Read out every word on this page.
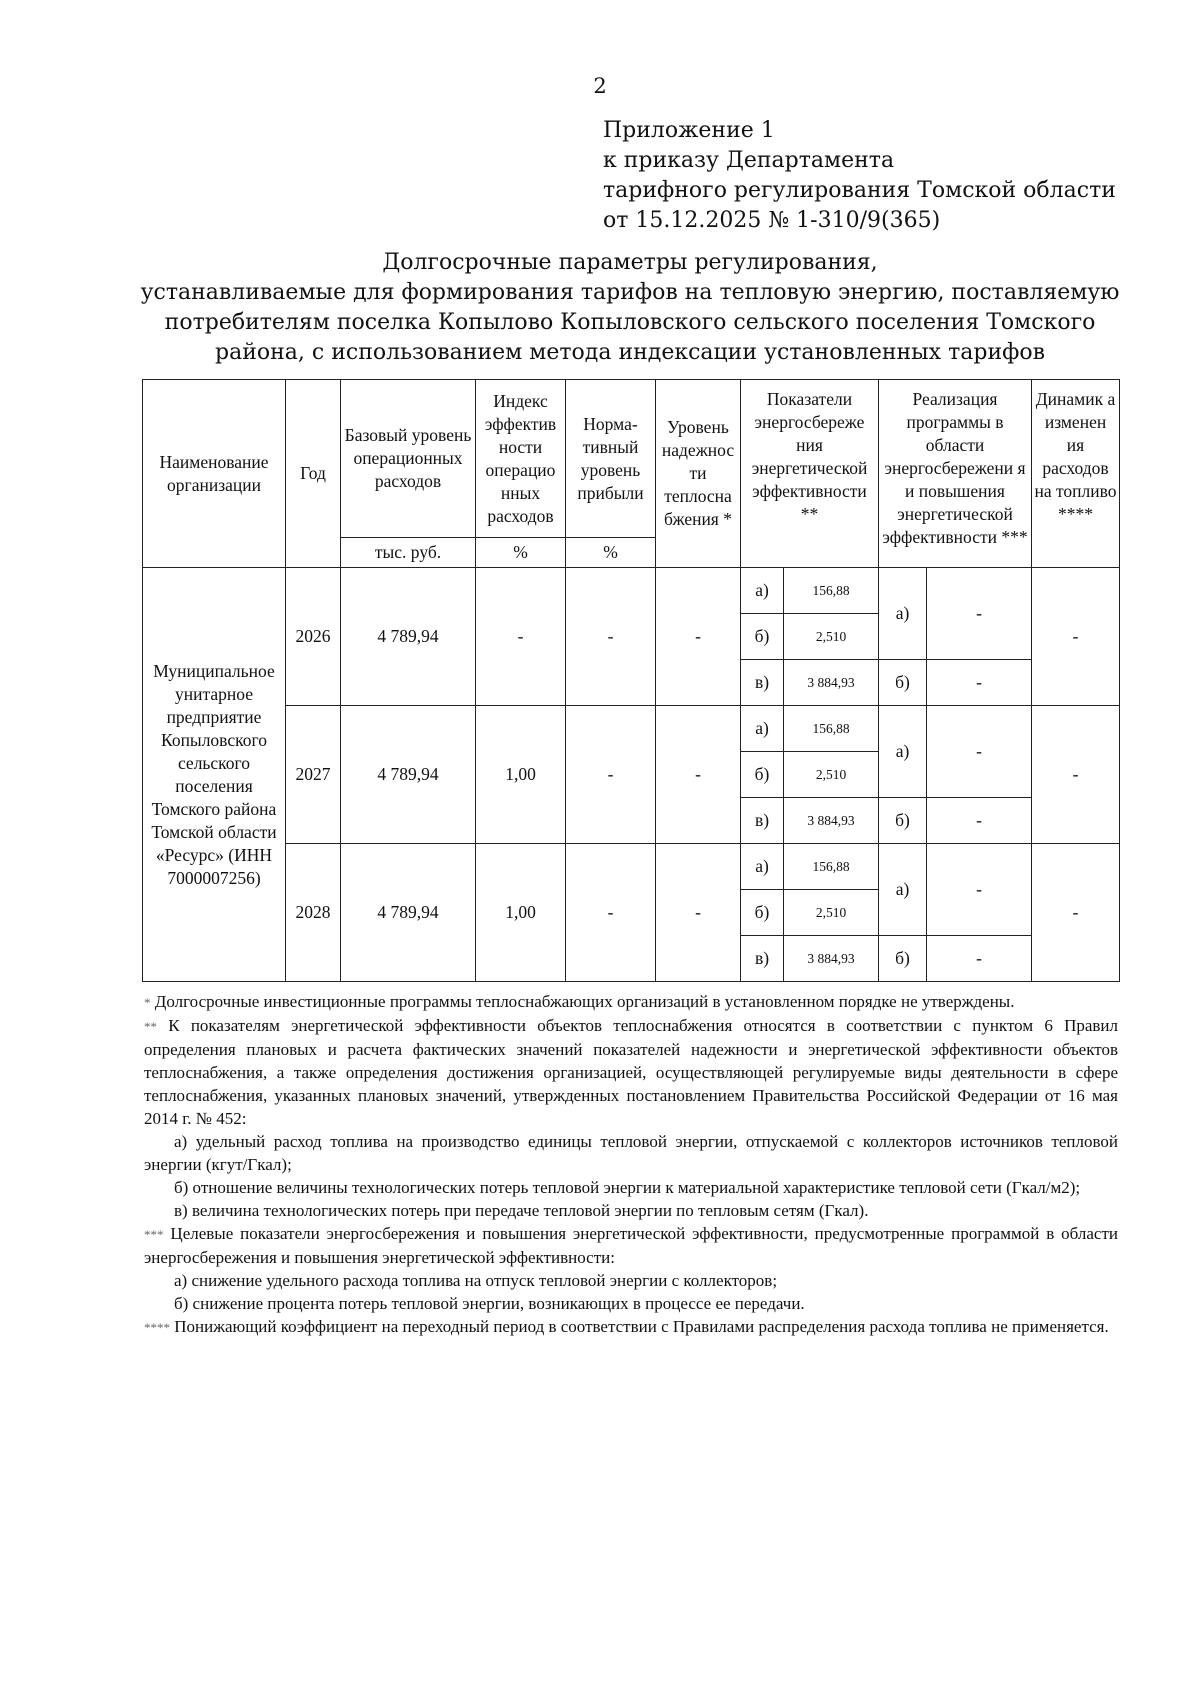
2
Приложение 1
к приказу Департамента
тарифного регулирования Томской области
от 15.12.2025 № 1-310/9(365)
Долгосрочные параметры регулирования,
устанавливаемые для формирования тарифов на тепловую энергию, поставляемую
потребителям поселка Копылово Копыловского сельского поселения Томского
района, с использованием метода индексации установленных тарифов
Наименование организации	Год	Базовый уровень операционных расходов	Индекс эффектив ности операцио нных расходов	Норма- тивный уровень прибыли	Уровень надежнос ти теплосна бжения *	Показатели энергосбереже ния энергетической эффективности **		Реализация программы в области энергосбережени я и повышения энергетической эффективности ***		Динамик а изменен ия расходов на топливо ****
		тыс. руб.	%	%						
Муниципальное унитарное предприятие Копыловского сельского поселения Томского района Томской области «Ресурс» (ИНН 7000007256)	2026	4 789,94	-	-	-	а)	156,88	а)	-	-
						б)	2,510			
						в)	3 884,93	б)	-	
	2027	4 789,94	1,00	-	-	а)	156,88	а)	-	-
						б)	2,510			
						в)	3 884,93	б)	-	
	2028	4 789,94	1,00	-	-	а)	156,88	а)	-	-
						б)	2,510			
						в)	3 884,93	б)	-	

* Долгосрочные инвестиционные программы теплоснабжающих организаций в установленном порядке не утверждены.

** К показателям энергетической эффективности объектов теплоснабжения относятся в соответствии с пунктом 6 Правил определения плановых и расчета фактических значений показателей надежности и энергетической эффективности объектов теплоснабжения, а также определения достижения организацией, осуществляющей регулируемые виды деятельности в сфере теплоснабжения, указанных плановых значений, утвержденных постановлением Правительства Российской Федерации от 16 мая 2014 г. № 452:

а) удельный расход топлива на производство единицы тепловой энергии, отпускаемой с коллекторов источников тепловой энергии (кгут/Гкал);

б) отношение величины технологических потерь тепловой энергии к материальной характеристике тепловой сети (Гкал/м2);

в) величина технологических потерь при передаче тепловой энергии по тепловым сетям (Гкал).

*** Целевые показатели энергосбережения и повышения энергетической эффективности, предусмотренные программой в области энергосбережения и повышения энергетической эффективности:

а) снижение удельного расхода топлива на отпуск тепловой энергии с коллекторов;

б) снижение процента потерь тепловой энергии, возникающих в процессе ее передачи.

**** Понижающий коэффициент на переходный период в соответствии с Правилами распределения расхода топлива не применяется.
